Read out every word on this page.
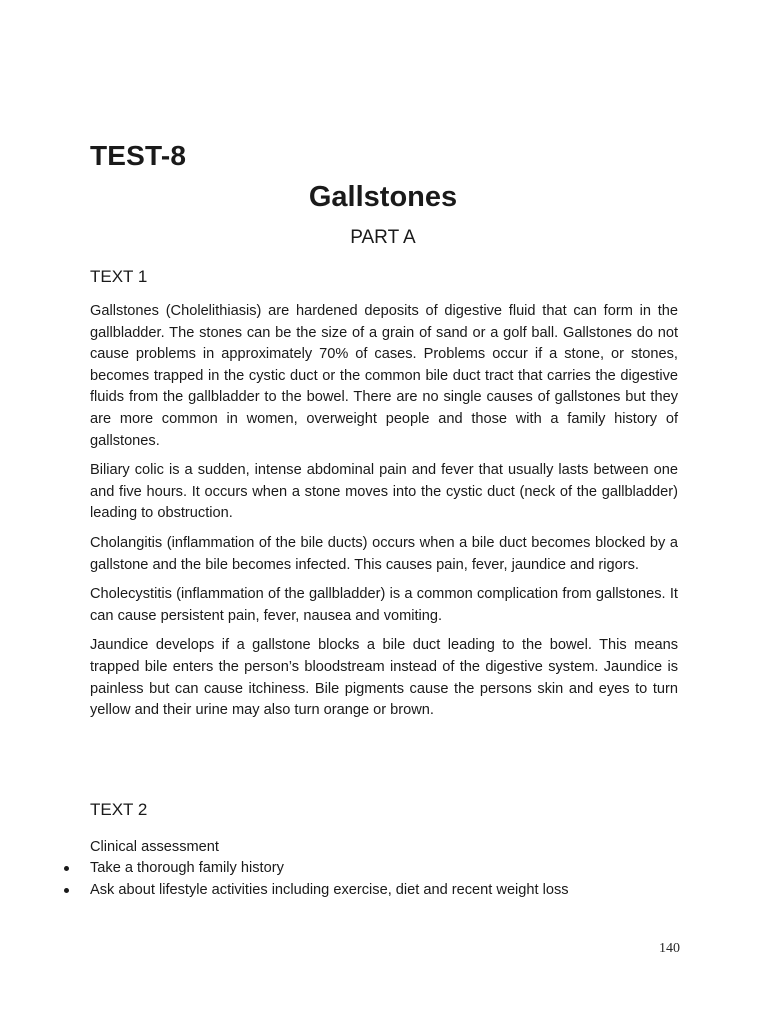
TEST-8
Gallstones
PART A
TEXT 1

Gallstones (Cholelithiasis) are hardened deposits of digestive fluid that can form in the gallbladder. The stones can be the size of a grain of sand or a golf ball. Gallstones do not cause problems in approximately 70% of cases. Problems occur if a stone, or stones, becomes trapped in the cystic duct or the common bile duct tract that carries the digestive fluids from the gallbladder to the bowel. There are no single causes of gallstones but they are more common in women, overweight people and those with a family history of gallstones.

Biliary colic is a sudden, intense abdominal pain and fever that usually lasts between one and five hours. It occurs when a stone moves into the cystic duct (neck of the gallbladder) leading to obstruction.

Cholangitis (inflammation of the bile ducts) occurs when a bile duct becomes blocked by a gallstone and the bile becomes infected. This causes pain, fever, jaundice and rigors.

Cholecystitis (inflammation of the gallbladder) is a common complication from gallstones. It can cause persistent pain, fever, nausea and vomiting.

Jaundice develops if a gallstone blocks a bile duct leading to the bowel. This means trapped bile enters the person’s bloodstream instead of the digestive system. Jaundice is painless but can cause itchiness. Bile pigments cause the persons skin and eyes to turn yellow and their urine may also turn orange or brown.

TEXT 2
Clinical assessment
Take a thorough family history
Ask about lifestyle activities including exercise, diet and recent weight loss
140
